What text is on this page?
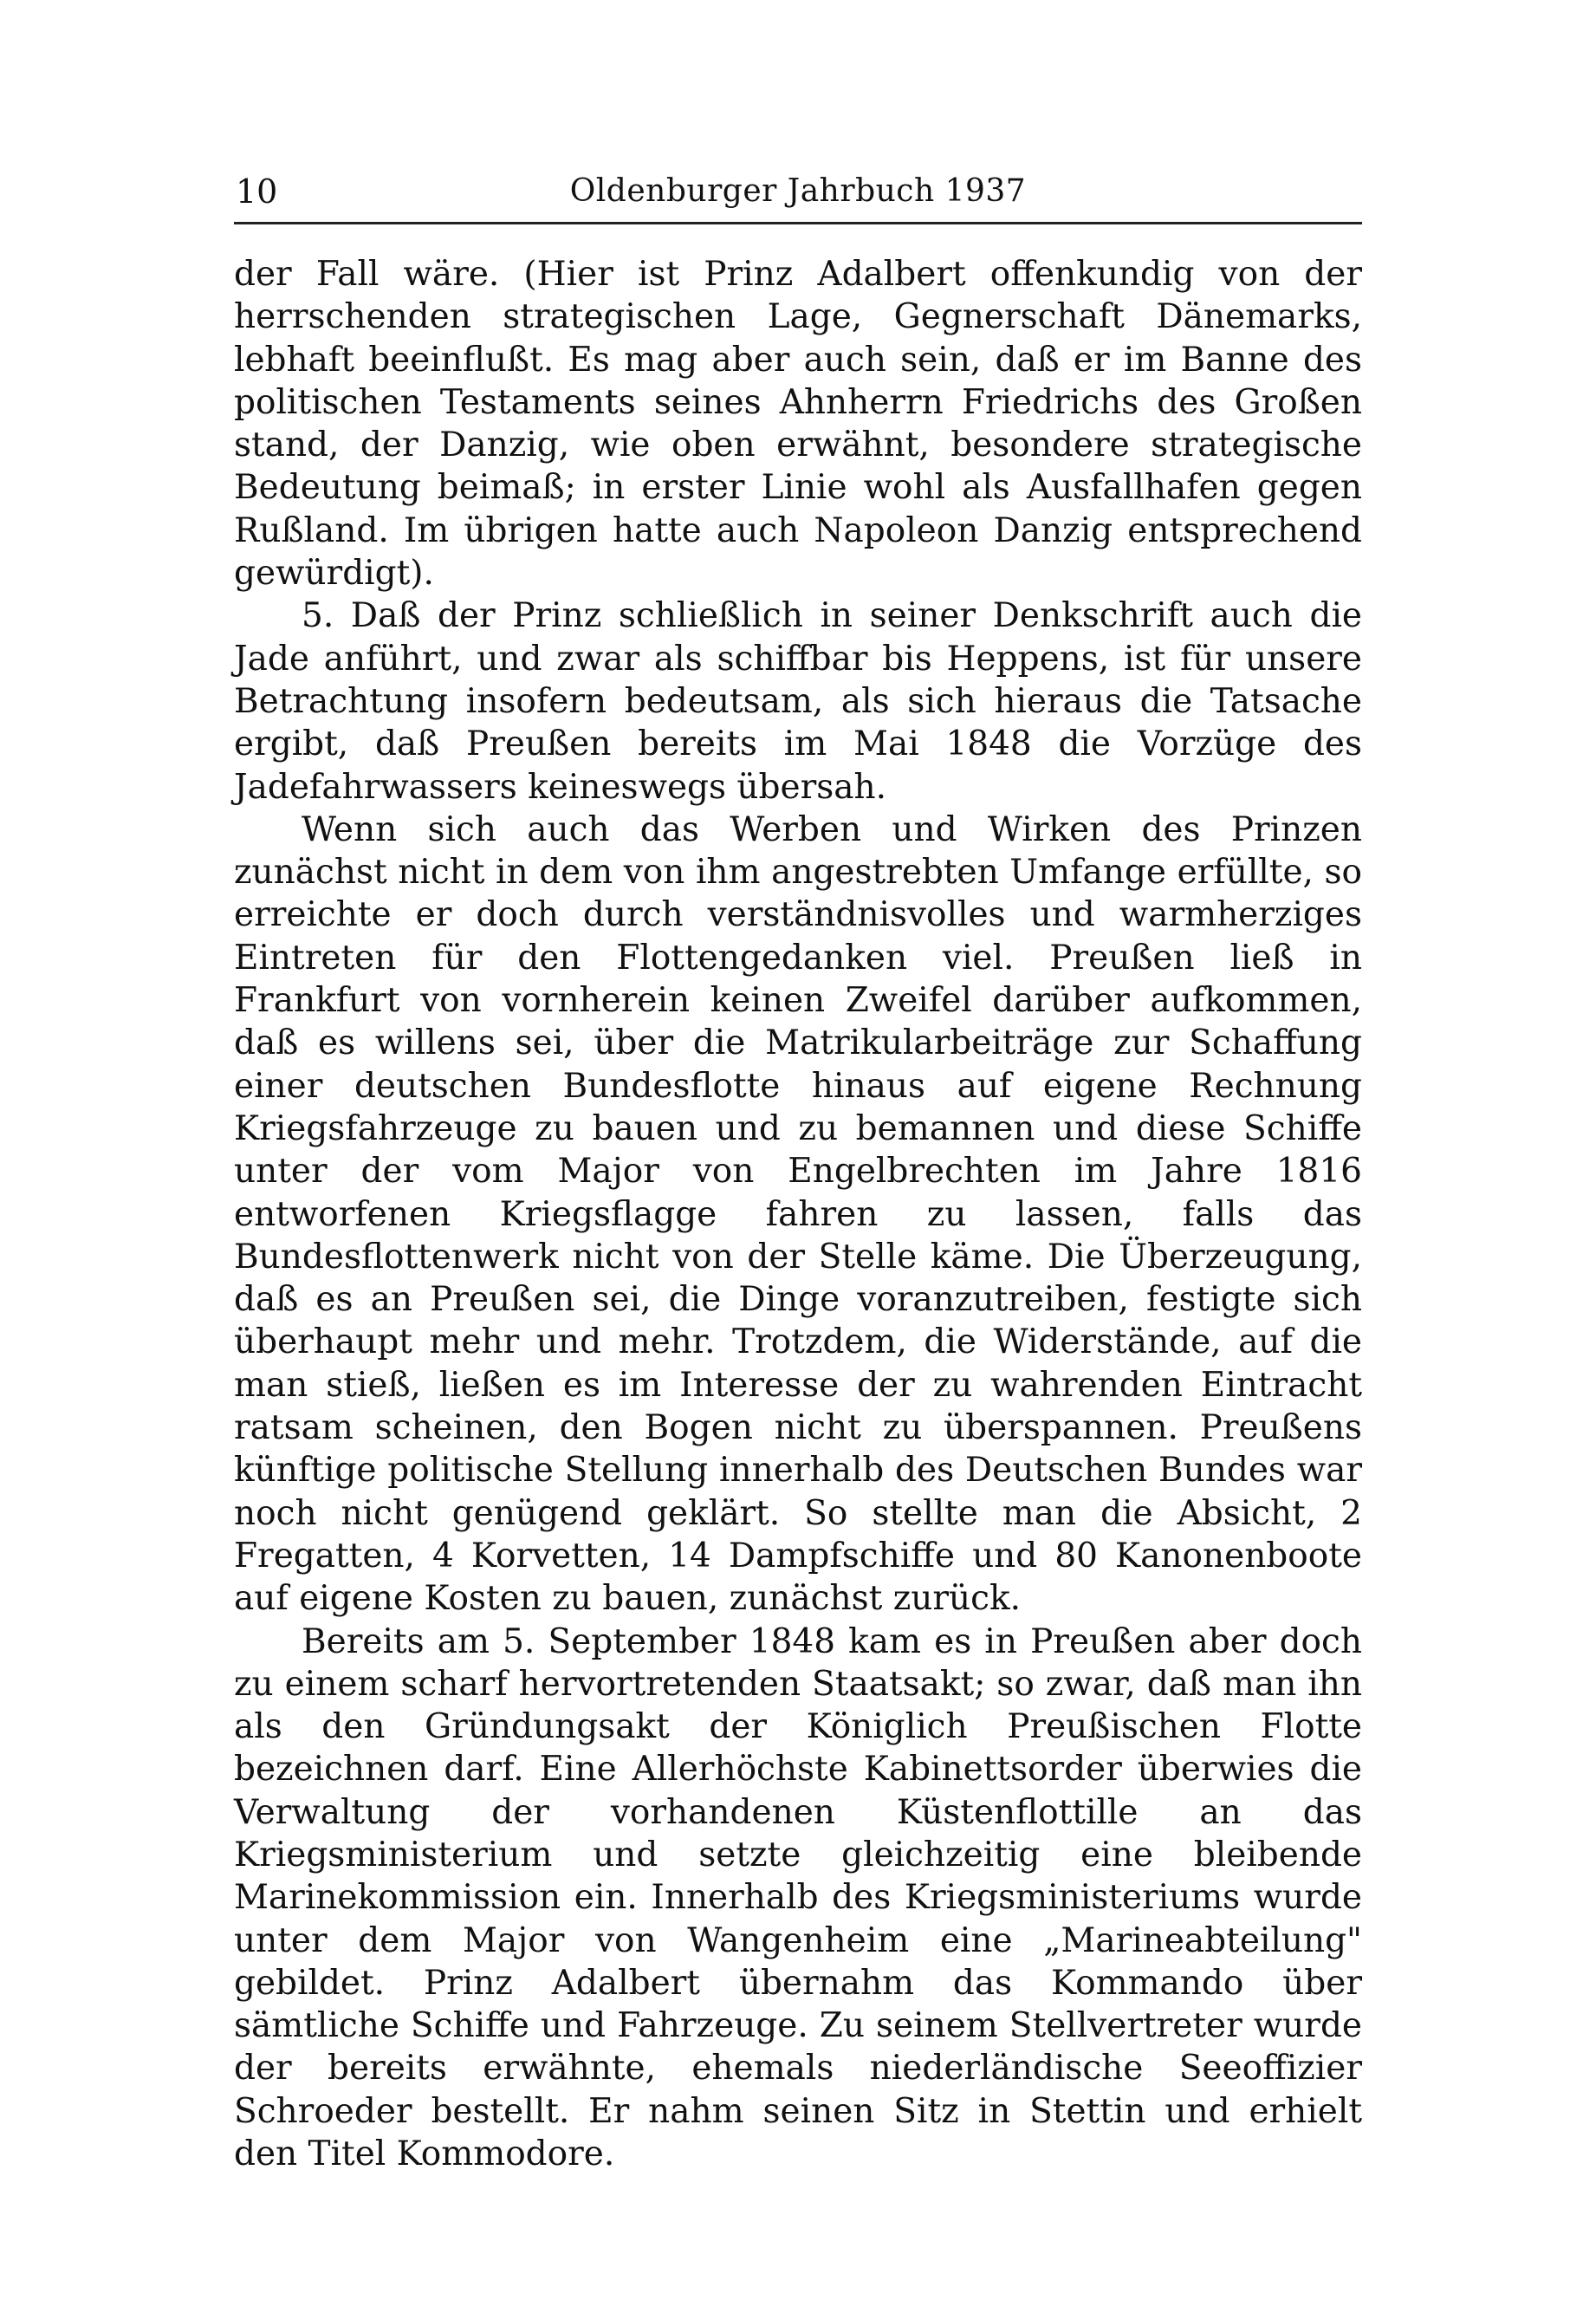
10	Oldenburger Jahrbuch 1937

der Fall wäre. (Hier ist Prinz Adalbert offenkundig von der herrschenden strategischen Lage, Gegnerschaft Dänemarks, lebhaft beeinflußt. Es mag aber auch sein, daß er im Banne des politischen Testaments seines Ahnherrn Friedrichs des Großen stand, der Danzig, wie oben erwähnt, besondere strategische Bedeutung beimaß; in erster Linie wohl als Ausfallhafen gegen Rußland. Im übrigen hatte auch Napoleon Danzig entsprechend gewürdigt).

5. Daß der Prinz schließlich in seiner Denkschrift auch die Jade anführt, und zwar als schiffbar bis Heppens, ist für unsere Betrachtung insofern bedeutsam, als sich hieraus die Tatsache ergibt, daß Preußen bereits im Mai 1848 die Vorzüge des Jadefahrwassers keineswegs übersah.

Wenn sich auch das Werben und Wirken des Prinzen zunächst nicht in dem von ihm angestrebten Umfange erfüllte, so erreichte er doch durch verständnisvolles und warmherziges Eintreten für den Flottengedanken viel. Preußen ließ in Frankfurt von vornherein keinen Zweifel darüber aufkommen, daß es willens sei, über die Matrikularbeiträge zur Schaffung einer deutschen Bundesflotte hinaus auf eigene Rechnung Kriegsfahrzeuge zu bauen und zu bemannen und diese Schiffe unter der vom Major von Engelbrechten im Jahre 1816 entworfenen Kriegsflagge fahren zu lassen, falls das Bundesflottenwerk nicht von der Stelle käme. Die Überzeugung, daß es an Preußen sei, die Dinge voranzutreiben, festigte sich überhaupt mehr und mehr. Trotzdem, die Widerstände, auf die man stieß, ließen es im Interesse der zu wahrenden Eintracht ratsam scheinen, den Bogen nicht zu überspannen. Preußens künftige politische Stellung innerhalb des Deutschen Bundes war noch nicht genügend geklärt. So stellte man die Absicht, 2 Fregatten, 4 Korvetten, 14 Dampfschiffe und 80 Kanonenboote auf eigene Kosten zu bauen, zunächst zurück.

Bereits am 5. September 1848 kam es in Preußen aber doch zu einem scharf hervortretenden Staatsakt; so zwar, daß man ihn als den Gründungsakt der Königlich Preußischen Flotte bezeichnen darf. Eine Allerhöchste Kabinettsorder überwies die Verwaltung der vorhandenen Küstenflottille an das Kriegsministerium und setzte gleichzeitig eine bleibende Marinekommission ein. Innerhalb des Kriegsministeriums wurde unter dem Major von Wangenheim eine „Marineabteilung" gebildet. Prinz Adalbert übernahm das Kommando über sämtliche Schiffe und Fahrzeuge. Zu seinem Stellvertreter wurde der bereits erwähnte, ehemals niederländische Seeoffizier Schroeder bestellt. Er nahm seinen Sitz in Stettin und erhielt den Titel Kommodore.
